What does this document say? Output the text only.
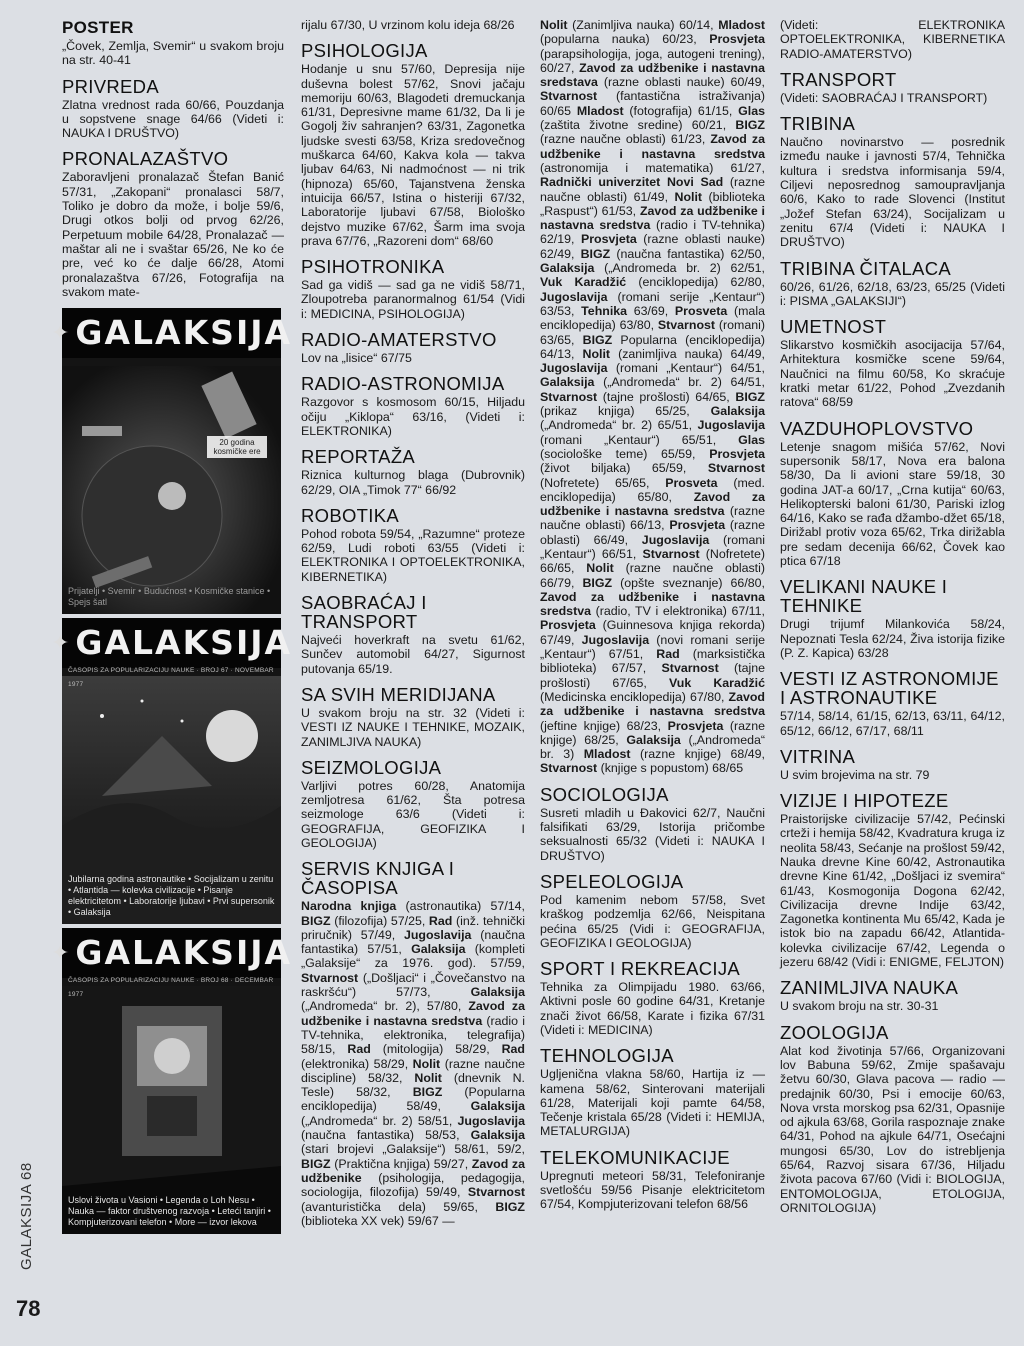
POSTER

„Čovek, Zemlja, Svemir“ u svakom broju na str. 40-41

PRIVREDA

Zlatna vrednost rada 60/66, Pouzdanja u sopstvene snage 64/66 (Videti i: NAUKA I DRUŠTVO)

PRONALAZAŠTVO

Zaboravljeni pronalazač Štefan Banić 57/31, „Zakopani“ pronalasci 58/7, Toliko je dobro da može, i bolje 59/6, Drugi otkos bolji od prvog 62/26, Perpetuum mobile 64/28, Pronalazač — maštar ali ne i svaštar 65/26, Ne ko će pre, već ko će dalje 66/28, Atomi pronalazaštva 67/26, Fotografija na svakom mate-

✦ GALAKSIJA
20 godina kosmičke ere
Prijatelji • Svemir • Budućnost • Kosmičke stanice • Spejs šatl
✦ GALAKSIJA
ČASOPIS ZA POPULARIZACIJU NAUKE · BROJ 67 · NOVEMBAR 1977
Jubilarna godina astronautike • Socijalizam u zenitu • Atlantida — kolevka civilizacije • Pisanje elektricitetom • Laboratorije ljubavi • Prvi supersonik • Galaksija
✦ GALAKSIJA
ČASOPIS ZA POPULARIZACIJU NAUKE · BROJ 68 · DECEMBAR 1977
Uslovi života u Vasioni • Legenda o Loh Nesu • Nauka — faktor društvenog razvoja • Leteći tanjiri • Kompjuterizovani telefon • More — izvor lekova

rijalu 67/30, U vrzinom kolu ideja 68/26

PSIHOLOGIJA

Hodanje u snu 57/60, Depresija nije duševna bolest 57/62, Snovi jačaju memoriju 60/63, Blagodeti dremuckanja 61/31, Depresivne mame 61/32, Da li je Gogolj živ sahranjen? 63/31, Zagonetka ljudske svesti 63/58, Kriza sredovečnog muškarca 64/60, Kakva kola — takva ljubav 64/63, Ni nadmoćnost — ni trik (hipnoza) 65/60, Tajanstvena ženska intuicija 66/57, Istina o histeriji 67/32, Laboratorije ljubavi 67/58, Biološko dejstvo muzike 67/62, Šarm ima svoja prava 67/76, „Razoreni dom“ 68/60

PSIHOTRONIKA

Sad ga vidiš — sad ga ne vidiš 58/71, Zloupotreba paranormalnog 61/54 (Vidi i: MEDICINA, PSIHOLOGIJA)

RADIO-AMATERSTVO

Lov na „lisice“ 67/75

RADIO-ASTRONOMIJA

Razgovor s kosmosom 60/15, Hiljadu očiju „Kiklopa“ 63/16, (Videti i: ELEKTRONIKA)

REPORTAŽA

Riznica kulturnog blaga (Dubrovnik) 62/29, OIA „Timok 77“ 66/92

ROBOTIKA

Pohod robota 59/54, „Razumne“ proteze 62/59, Ludi roboti 63/55 (Videti i: ELEKTRONIKA I OPTOELEKTRONIKA, KIBERNETIKA)

SAOBRAĆAJ I TRANSPORT

Najveći hoverkraft na svetu 61/62, Sunčev automobil 64/27, Sigurnost putovanja 65/19.

SA SVIH MERIDIJANA

U svakom broju na str. 32 (Videti i: VESTI IZ NAUKE I TEHNIKE, MOZAIK, ZANIMLJIVA NAUKA)

SEIZMOLOGIJA

Varljivi potres 60/28, Anatomija zemljotresa 61/62, Šta potresa seizmologe 63/6 (Videti i: GEOGRAFIJA, GEOFIZIKA I GEOLOGIJA)

SERVIS KNJIGA I ČASOPISA

Narodna knjiga (astronautika) 57/14, BIGZ (filozofija) 57/25, Rad (inž. tehnički priručnik) 57/49, Jugoslavija (naučna fantastika) 57/51, Galaksija (kompleti „Galaksije“ za 1976. god). 57/59, Stvarnost („Došljaci“ i „Čovečanstvo na raskršću“) 57/73, Galaksija („Andromeda“ br. 2), 57/80, Zavod za udžbenike i nastavna sredstva (radio i TV-tehnika, elektronika, telegrafija) 58/15, Rad (mitologija) 58/29, Rad (elektronika) 58/29, Nolit (razne naučne discipline) 58/32, Nolit (dnevnik N. Tesle) 58/32, BIGZ (Popularna enciklopedija) 58/49, Galaksija („Andromeda“ br. 2) 58/51, Jugoslavija (naučna fantastika) 58/53, Galaksija (stari brojevi „Galaksije“) 58/61, 59/2, BIGZ (Praktična knjiga) 59/27, Zavod za udžbenike (psihologija, pedagogija, sociologija, filozofija) 59/49, Stvarnost (avanturistička dela) 59/65, BIGZ (biblioteka XX vek) 59/67 —

Nolit (Zanimljiva nauka) 60/14, Mladost (popularna nauka) 60/23, Prosvjeta (parapsihologija, joga, autogeni trening), 60/27, Zavod za udžbenike i nastavna sredstava (razne oblasti nauke) 60/49, Stvarnost (fantastična istraživanja) 60/65 Mladost (fotografija) 61/15, Glas (zaštita životne sredine) 60/21, BIGZ (razne naučne oblasti) 61/23, Zavod za udžbenike i nastavna sredstva (astronomija i matematika) 61/27, Radnički univerzitet Novi Sad (razne naučne oblasti) 61/49, Nolit (biblioteka „Raspust“) 61/53, Zavod za udžbenike i nastavna sredstva (radio i TV-tehnika) 62/19, Prosvjeta (razne oblasti nauke) 62/49, BIGZ (naučna fantastika) 62/50, Galaksija („Andromeda br. 2) 62/51, Vuk Karadžić (enciklopedija) 62/80, Jugoslavija (romani serije „Kentaur“) 63/53, Tehnika 63/69, Prosveta (mala enciklopedija) 63/80, Stvarnost (romani) 63/65, BIGZ Popularna (enciklopedija) 64/13, Nolit (zanimljiva nauka) 64/49, Jugoslavija (romani „Kentaur“) 64/51, Galaksija („Andromeda“ br. 2) 64/51, Stvarnost (tajne prošlosti) 64/65, BIGZ (prikaz knjiga) 65/25, Galaksija („Andromeda“ br. 2) 65/51, Jugoslavija (romani „Kentaur“) 65/51, Glas (sociološke teme) 65/59, Prosvjeta (život biljaka) 65/59, Stvarnost (Nofretete) 65/65, Prosveta (med. enciklopedija) 65/80, Zavod za udžbenike i nastavna sredstva (razne naučne oblasti) 66/13, Prosvjeta (razne oblasti) 66/49, Jugoslavija (romani „Kentaur“) 66/51, Stvarnost (Nofretete) 66/65, Nolit (razne naučne oblasti) 66/79, BIGZ (opšte sveznanje) 66/80, Zavod za udžbenike i nastavna sredstva (radio, TV i elektronika) 67/11, Prosvjeta (Guinnesova knjiga rekorda) 67/49, Jugoslavija (novi romani serije „Kentaur“) 67/51, Rad (marksistička biblioteka) 67/57, Stvarnost (tajne prošlosti) 67/65, Vuk Karadžić (Medicinska enciklopedija) 67/80, Zavod za udžbenike i nastavna sredstva (jeftine knjige) 68/23, Prosvjeta (razne knjige) 68/25, Galaksija („Andromeda“ br. 3) Mladost (razne knjige) 68/49, Stvarnost (knjige s popustom) 68/65

SOCIOLOGIJA

Susreti mladih u Đakovici 62/7, Naučni falsifikati 63/29, Istorija pričombe seksualnosti 65/32 (Videti i: NAUKA I DRUŠTVO)

SPELEOLOGIJA

Pod kamenim nebom 57/58, Svet kraškog podzemlja 62/66, Neispitana pećina 65/25 (Vidi i: GEOGRAFIJA, GEOFIZIKA I GEOLOGIJA)

SPORT I REKREACIJA

Tehnika za Olimpijadu 1980. 63/66, Aktivni posle 60 godine 64/31, Kretanje znači život 66/58, Karate i fizika 67/31 (Videti i: MEDICINA)

TEHNOLOGIJA

Ugljenična vlakna 58/60, Hartija iz — kamena 58/62, Sinterovani materijali 61/28, Materijali koji pamte 64/58, Tečenje kristala 65/28 (Videti i: HEMIJA, METALURGIJA)

TELEKOMUNIKACIJE

Upregnuti meteori 58/31, Telefoniranje svetlošću 59/56 Pisanje elektricitetom 67/54, Kompjuterizovani telefon 68/56

(Videti: ELEKTRONIKA OPTOELEKTRONIKA, KIBERNETIKA RADIO-AMATERSTVO)

TRANSPORT

(Videti: SAOBRAĆAJ I TRANSPORT)

TRIBINA

Naučno novinarstvo — posrednik između nauke i javnosti 57/4, Tehnička kultura i sredstva informisanja 59/4, Ciljevi neposrednog samoupravljanja 60/6, Kako to rade Slovenci (Institut „Jožef Stefan 63/24), Socijalizam u zenitu 67/4 (Videti i: NAUKA I DRUŠTVO)

TRIBINA ČITALACA

60/26, 61/26, 62/18, 63/23, 65/25 (Videti i: PISMA „GALAKSIJI“)

UMETNOST

Slikarstvo kosmičkih asocijacija 57/64, Arhitektura kosmičke scene 59/64, Naučnici na filmu 60/58, Ko skraćuje kratki metar 61/22, Pohod „Zvezdanih ratova“ 68/59

VAZDUHOPLOVSTVO

Letenje snagom mišića 57/62, Novi supersonik 58/17, Nova era balona 58/30, Da li avioni stare 59/18, 30 godina JAT-a 60/17, „Crna kutija“ 60/63, Helikopterski baloni 61/30, Pariski izlog 64/16, Kako se rađa džambo-džet 65/18, Dirižabl protiv voza 65/62, Trka dirižabla pre sedam decenija 66/62, Čovek kao ptica 67/18

VELIKANI NAUKE I TEHNIKE

Drugi trijumf Milankovića 58/24, Nepoznati Tesla 62/24, Živa istorija fizike (P. Z. Kapica) 63/28

VESTI IZ ASTRONOMIJE I ASTRONAUTIKE

57/14, 58/14, 61/15, 62/13, 63/11, 64/12, 65/12, 66/12, 67/17, 68/11

VITRINA

U svim brojevima na str. 79

VIZIJE I HIPOTEZE

Praistorijske civilizacije 57/42, Pećinski crteži i hemija 58/42, Kvadratura kruga iz neolita 58/43, Sećanje na prošlost 59/42, Nauka drevne Kine 60/42, Astronautika drevne Kine 61/42, „Došljaci iz svemira“ 61/43, Kosmogonija Dogona 62/42, Civilizacija drevne Indije 63/42, Zagonetka kontinenta Mu 65/42, Kada je istok bio na zapadu 66/42, Atlantida-kolevka civilizacije 67/42, Legenda o jezeru 68/42 (Vidi i: ENIGME, FELJTON)

ZANIMLJIVA NAUKA

U svakom broju na str. 30-31

ZOOLOGIJA

Alat kod životinja 57/66, Organizovani lov Babuna 59/62, Zmije spašavaju žetvu 60/30, Glava pacova — radio — predajnik 60/30, Psi i emocije 60/63, Nova vrsta morskog psa 62/31, Opasnije od ajkula 63/68, Gorila raspoznaje znake 64/31, Pohod na ajkule 64/71, Osećajni mungosi 65/30, Lov do istrebljenja 65/64, Razvoj sisara 67/36, Hiljadu života pacova 67/60 (Vidi i: BIOLOGIJA, ENTOMOLOGIJA, ETOLOGIJA, ORNITOLOGIJA)

GALAKSIJA 68
78
